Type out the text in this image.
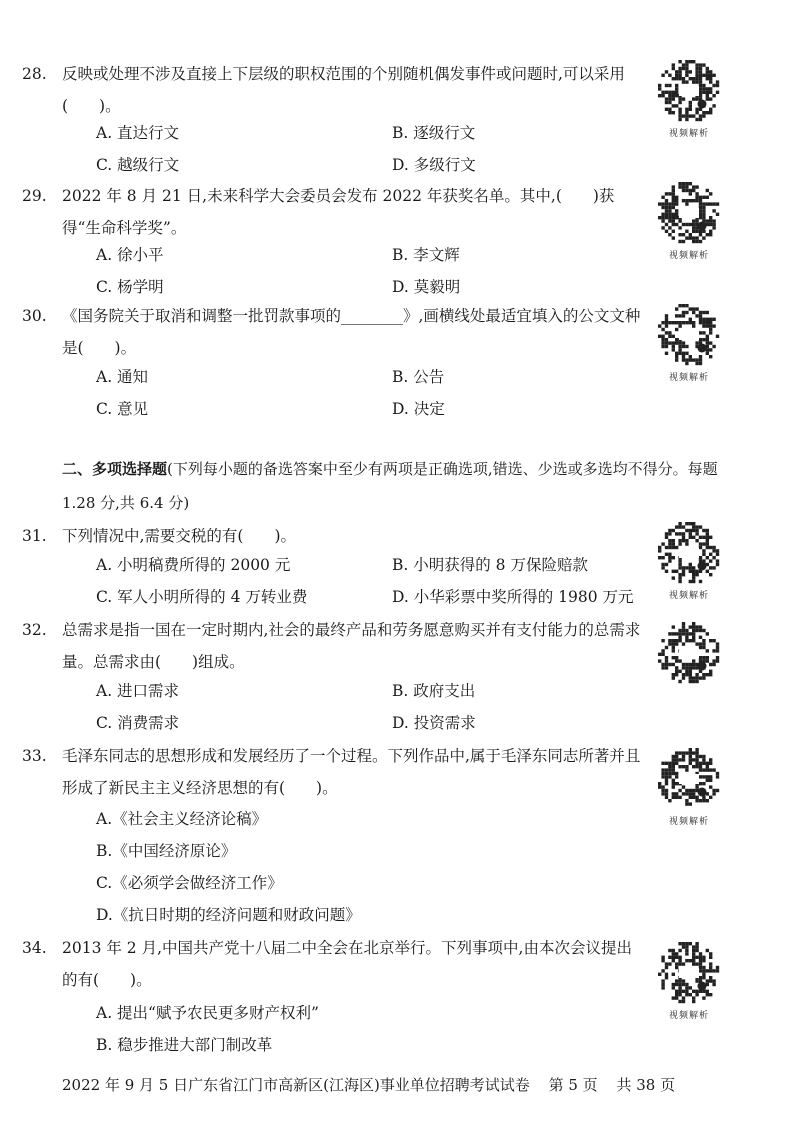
28. 反映或处理不涉及直接上下层级的职权范围的个别随机偶发事件或问题时,可以采用(　　)。
A. 直达行文	B. 逐级行文
C. 越级行文	D. 多级行文
视频解析
29. 2022 年 8 月 21 日,未来科学大会委员会发布 2022 年获奖名单。其中,(　　)获得“生命科学奖”。
A. 徐小平	B. 李文辉
C. 杨学明	D. 莫毅明
视频解析
30. 《国务院关于取消和调整一批罚款事项的________》,画横线处最适宜填入的公文文种是(　　)。
A. 通知	B. 公告
C. 意见	D. 决定
视频解析
二、多项选择题(下列每小题的备选答案中至少有两项是正确选项,错选、少选或多选均不得分。每题 1.28 分,共 6.4 分)
31. 下列情况中,需要交税的有(　　)。
A. 小明稿费所得的 2000 元	B. 小明获得的 8 万保险赔款
C. 军人小明所得的 4 万转业费	D. 小华彩票中奖所得的 1980 万元	视频解析
32. 总需求是指一国在一定时期内,社会的最终产品和劳务愿意购买并有支付能力的总需求量。总需求由(　　)组成。
A. 进口需求	B. 政府支出
C. 消费需求	D. 投资需求
33. 毛泽东同志的思想形成和发展经历了一个过程。下列作品中,属于毛泽东同志所著并且形成了新民主主义经济思想的有(　　)。
A.《社会主义经济论稿》
B.《中国经济原论》
C.《必须学会做经济工作》
D.《抗日时期的经济问题和财政问题》
视频解析
34. 2013 年 2 月,中国共产党十八届二中全会在北京举行。下列事项中,由本次会议提出的有(　　)。
A. 提出“赋予农民更多财产权利”
B. 稳步推进大部门制改革
视频解析
2022 年 9 月 5 日广东省江门市高新区(江海区)事业单位招聘考试试卷 第 5 页 共 38 页
